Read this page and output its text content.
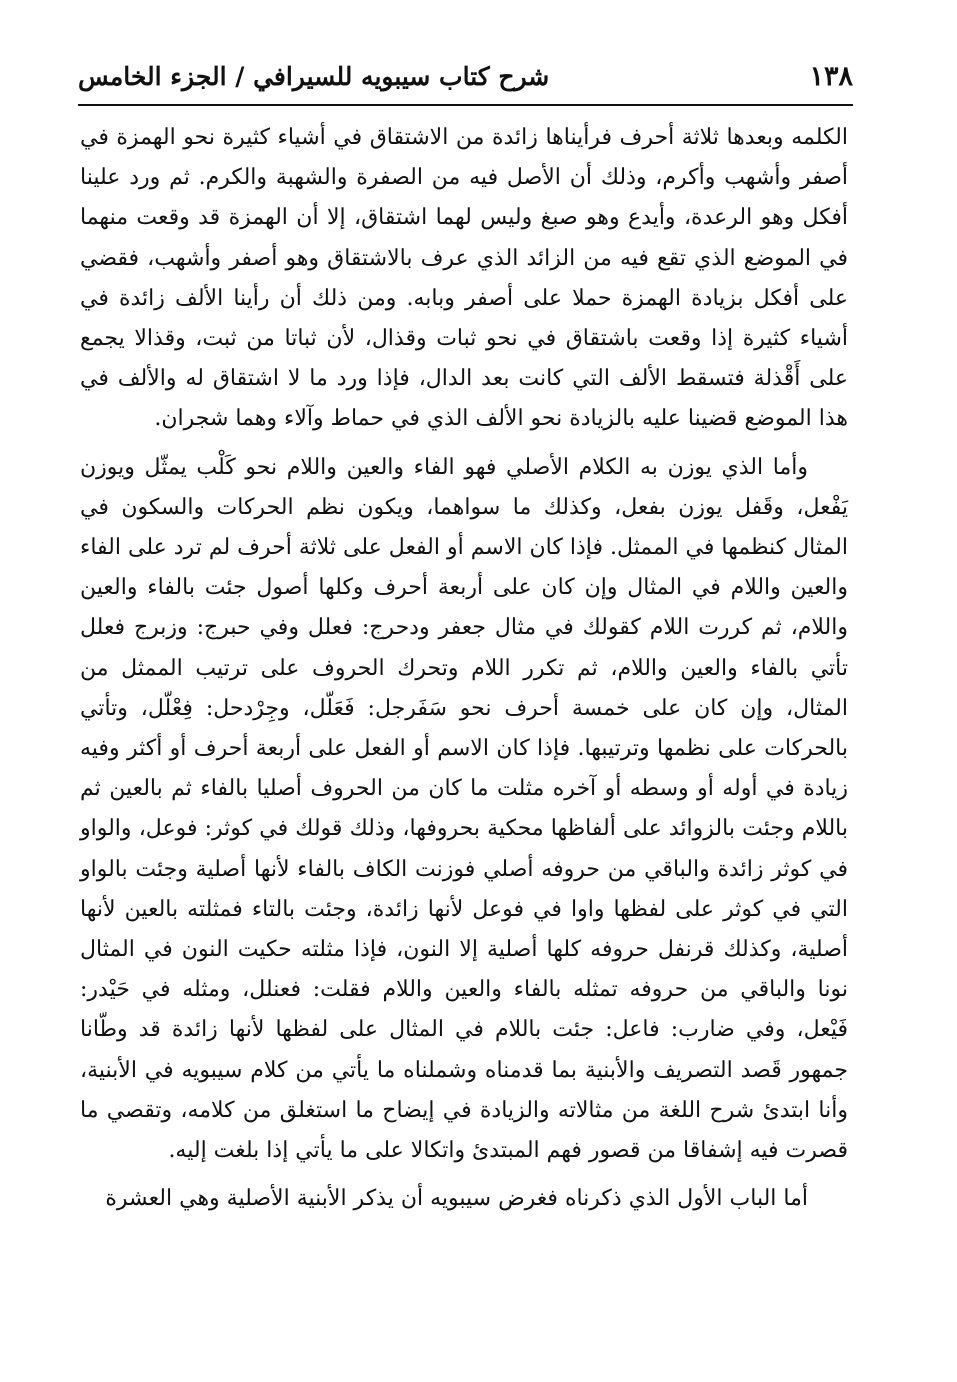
١٣٨
شرح كتاب سيبويه للسيرافي / الجزء الخامس

الكلمه وبعدها ثلاثة أحرف فرأيناها زائدة من الاشتقاق في أشياء كثيرة نحو الهمزة في أصفر وأشهب وأكرم، وذلك أن الأصل فيه من الصفرة والشهبة والكرم. ثم ورد علينا أفكل وهو الرعدة، وأيدع وهو صبغ وليس لهما اشتقاق، إلا أن الهمزة قد وقعت منهما في الموضع الذي تقع فيه من الزائد الذي عرف بالاشتقاق وهو أصفر وأشهب، فقضي على أفكل بزيادة الهمزة حملا على أصفر وبابه. ومن ذلك أن رأينا الألف زائدة في أشياء كثيرة إذا وقعت باشتقاق في نحو ثبات وقذال، لأن ثباتا من ثبت، وقذالا يجمع على أَقْذلة فتسقط الألف التي كانت بعد الدال، فإذا ورد ما لا اشتقاق له والألف في هذا الموضع قضينا عليه بالزيادة نحو الألف الذي في حماط وآلاء وهما شجران.

وأما الذي يوزن به الكلام الأصلي فهو الفاء والعين واللام نحو كَلْب يمثّل ويوزن يَفْعل، وقَفل يوزن بفعل، وكذلك ما سواهما، ويكون نظم الحركات والسكون في المثال كنظمها في الممثل. فإذا كان الاسم أو الفعل على ثلاثة أحرف لم ترد على الفاء والعين واللام في المثال وإن كان على أربعة أحرف وكلها أصول جئت بالفاء والعين واللام، ثم كررت اللام كقولك في مثال جعفر ودحرج: فعلل وفي حبرج: وزبرج فعلل تأتي بالفاء والعين واللام، ثم تكرر اللام وتحرك الحروف على ترتيب الممثل من المثال، وإن كان على خمسة أحرف نحو سَفَرجل: فَعَلّل، وجِرْدحل: فِعْلّل، وتأتي بالحركات على نظمها وترتيبها. فإذا كان الاسم أو الفعل على أربعة أحرف أو أكثر وفيه زيادة في أوله أو وسطه أو آخره مثلت ما كان من الحروف أصليا بالفاء ثم بالعين ثم باللام وجئت بالزوائد على ألفاظها محكية بحروفها، وذلك قولك في كوثر: فوعل، والواو في كوثر زائدة والباقي من حروفه أصلي فوزنت الكاف بالفاء لأنها أصلية وجئت بالواو التي في كوثر على لفظها واوا في فوعل لأنها زائدة، وجئت بالتاء فمثلته بالعين لأنها أصلية، وكذلك قرنفل حروفه كلها أصلية إلا النون، فإذا مثلته حكيت النون في المثال نونا والباقي من حروفه تمثله بالفاء والعين واللام فقلت: فعنلل، ومثله في حَيْدر: فَيْعل، وفي ضارب: فاعل: جئت باللام في المثال على لفظها لأنها زائدة قد وطّانا جمهور قَصد التصريف والأبنية بما قدمناه وشملناه ما يأتي من كلام سيبويه في الأبنية، وأنا ابتدئ شرح اللغة من مثالاته والزيادة في إيضاح ما استغلق من كلامه، وتقصي ما قصرت فيه إشفاقا من قصور فهم المبتدئ واتكالا على ما يأتي إذا بلغت إليه.

أما الباب الأول الذي ذكرناه فغرض سيبويه أن يذكر الأبنية الأصلية وهي العشرة
